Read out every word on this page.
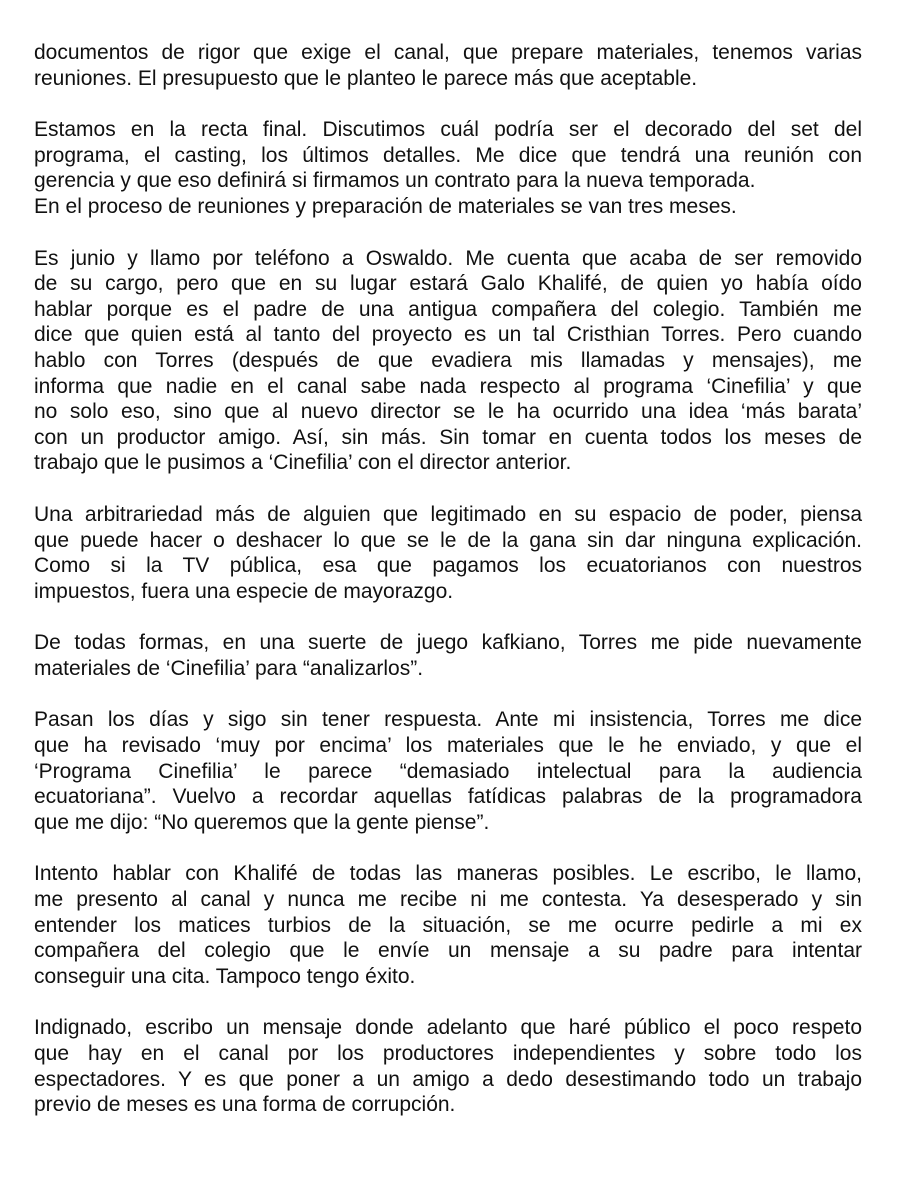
documentos de rigor que exige el canal, que prepare materiales, tenemos varias
reuniones. El presupuesto que le planteo le parece más que aceptable.
Estamos en la recta final. Discutimos cuál podría ser el decorado del set del
programa, el casting, los últimos detalles. Me dice que tendrá una reunión con
gerencia y que eso definirá si firmamos un contrato para la nueva temporada.
En el proceso de reuniones y preparación de materiales se van tres meses.
Es junio y llamo por teléfono a Oswaldo. Me cuenta que acaba de ser removido
de su cargo, pero que en su lugar estará Galo Khalifé, de quien yo había oído
hablar porque es el padre de una antigua compañera del colegio. También me
dice que quien está al tanto del proyecto es un tal Cristhian Torres. Pero cuando
hablo con Torres (después de que evadiera mis llamadas y mensajes), me
informa que nadie en el canal sabe nada respecto al programa ‘Cinefilia’ y que
no solo eso, sino que al nuevo director se le ha ocurrido una idea ‘más barata’
con un productor amigo. Así, sin más. Sin tomar en cuenta todos los meses de
trabajo que le pusimos a ‘Cinefilia’ con el director anterior.
Una arbitrariedad más de alguien que legitimado en su espacio de poder, piensa
que puede hacer o deshacer lo que se le de la gana sin dar ninguna explicación.
Como si la TV pública, esa que pagamos los ecuatorianos con nuestros
impuestos, fuera una especie de mayorazgo.
De todas formas, en una suerte de juego kafkiano, Torres me pide nuevamente
materiales de ‘Cinefilia’ para “analizarlos”.
Pasan los días y sigo sin tener respuesta. Ante mi insistencia, Torres me dice
que ha revisado ‘muy por encima’ los materiales que le he enviado, y que el
‘Programa Cinefilia’ le parece “demasiado intelectual para la audiencia
ecuatoriana”. Vuelvo a recordar aquellas fatídicas palabras de la programadora
que me dijo: “No queremos que la gente piense”.
Intento hablar con Khalifé de todas las maneras posibles. Le escribo, le llamo,
me presento al canal y nunca me recibe ni me contesta. Ya desesperado y sin
entender los matices turbios de la situación, se me ocurre pedirle a mi ex
compañera del colegio que le envíe un mensaje a su padre para intentar
conseguir una cita. Tampoco tengo éxito.
Indignado, escribo un mensaje donde adelanto que haré público el poco respeto
que hay en el canal por los productores independientes y sobre todo los
espectadores. Y es que poner a un amigo a dedo desestimando todo un trabajo
previo de meses es una forma de corrupción.
